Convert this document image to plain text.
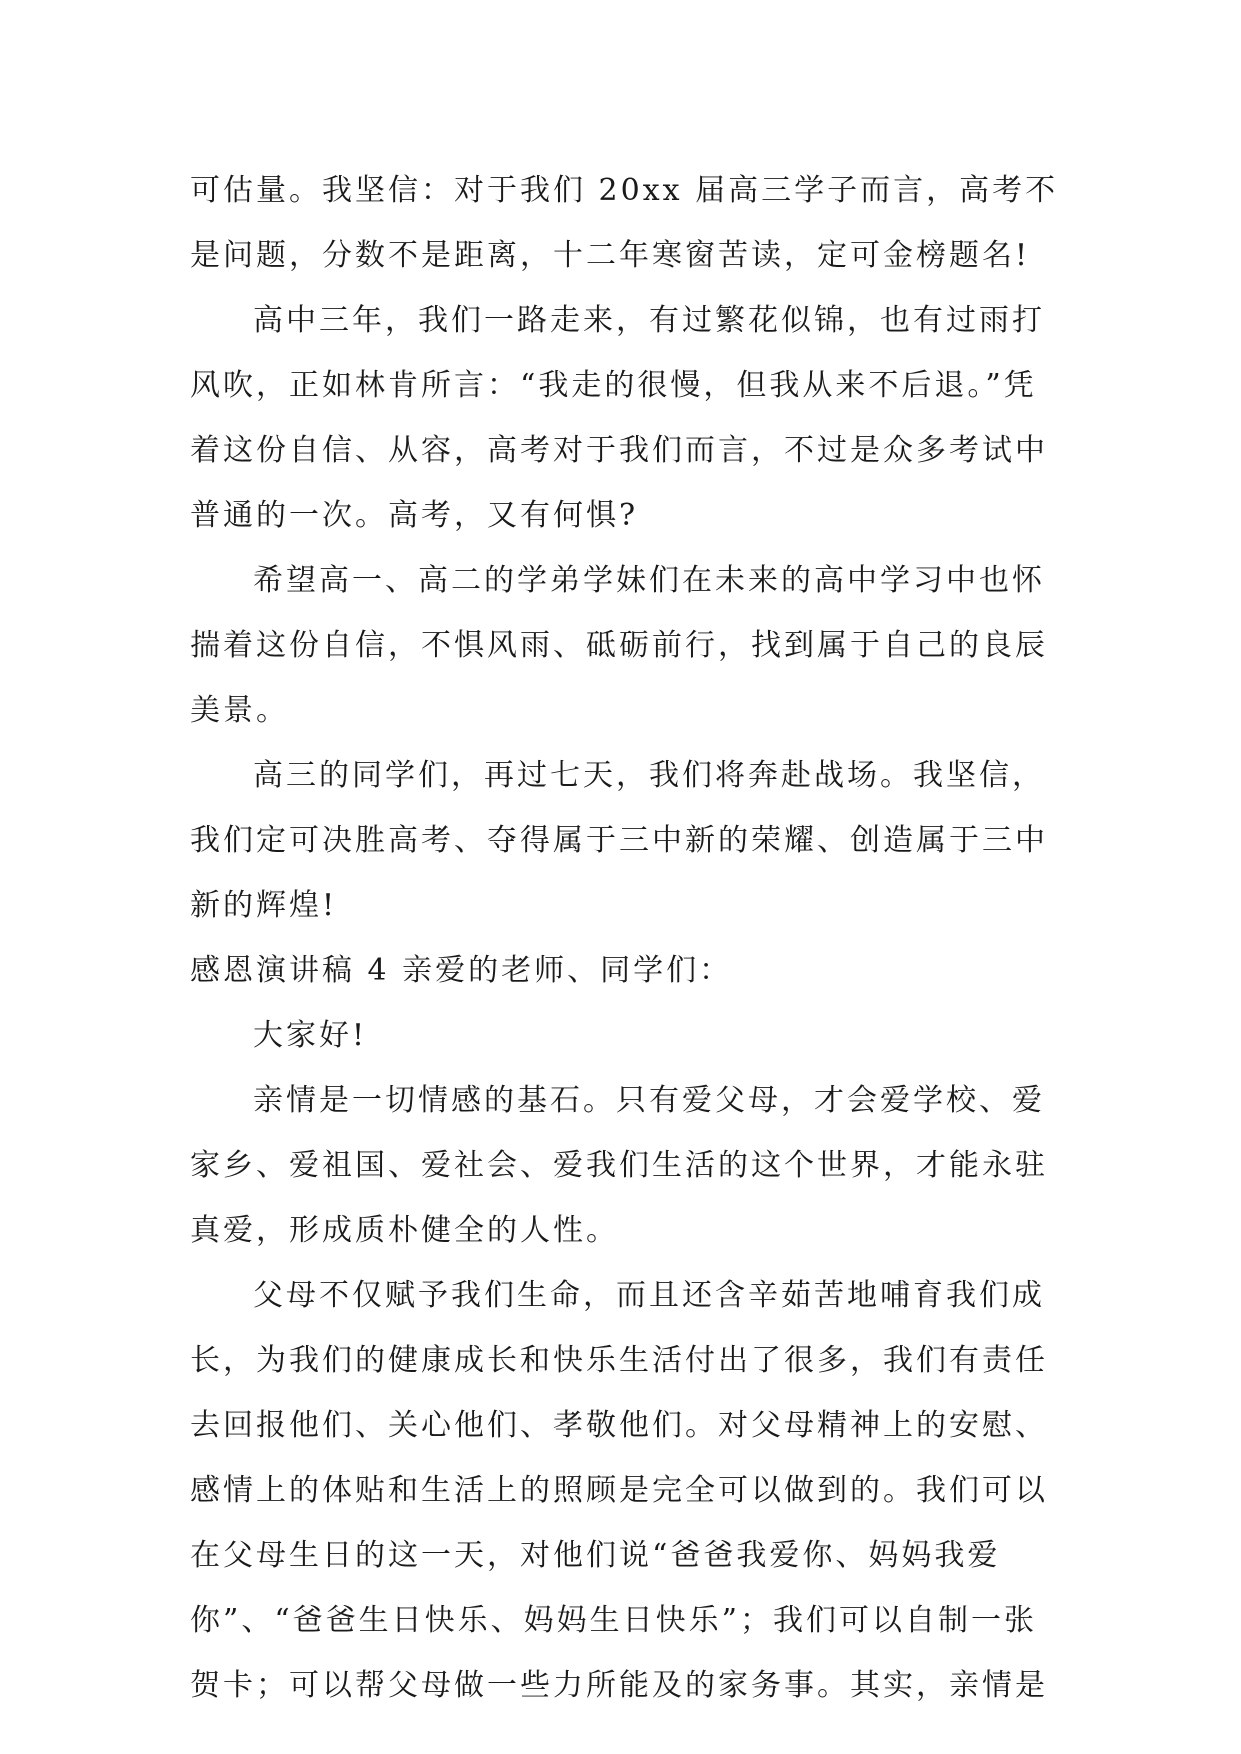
可估量。我坚信：对于我们 20xx 届高三学子而言，高考不
是问题，分数不是距离，十二年寒窗苦读，定可金榜题名!
高中三年，我们一路走来，有过繁花似锦，也有过雨打
风吹，正如林肯所言：“我走的很慢，但我从来不后退。”凭
着这份自信、从容，高考对于我们而言，不过是众多考试中
普通的一次。高考，又有何惧?
希望高一、高二的学弟学妹们在未来的高中学习中也怀
揣着这份自信，不惧风雨、砥砺前行，找到属于自己的良辰
美景。
高三的同学们，再过七天，我们将奔赴战场。我坚信，
我们定可决胜高考、夺得属于三中新的荣耀、创造属于三中
新的辉煌!
感恩演讲稿 4 亲爱的老师、同学们：
大家好!
亲情是一切情感的基石。只有爱父母，才会爱学校、爱
家乡、爱祖国、爱社会、爱我们生活的这个世界，才能永驻
真爱，形成质朴健全的人性。
父母不仅赋予我们生命，而且还含辛茹苦地哺育我们成
长，为我们的健康成长和快乐生活付出了很多，我们有责任
去回报他们、关心他们、孝敬他们。对父母精神上的安慰、
感情上的体贴和生活上的照顾是完全可以做到的。我们可以
在父母生日的这一天，对他们说“爸爸我爱你、妈妈我爱
你”、“爸爸生日快乐、妈妈生日快乐”；我们可以自制一张
贺卡；可以帮父母做一些力所能及的家务事。其实，亲情是
